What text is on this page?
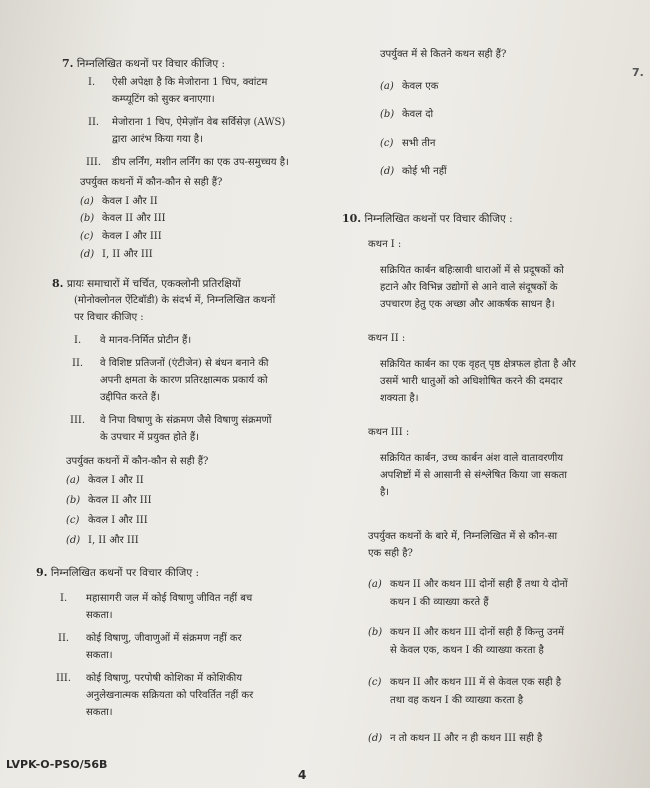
7. निम्नलिखित कथनों पर विचार कीजिए :
I. ऐसी अपेक्षा है कि मेजोराना 1 चिप, क्वांटम
कम्प्यूटिंग को सुकर बनाएगा।
II. मेजोराना 1 चिप, ऐमेज़ॉन वेब सर्विसेज़ (AWS)
द्वारा आरंभ किया गया है।
III. डीप लर्निंग, मशीन लर्निंग का एक उप-समुच्चय है।
उपर्युक्त कथनों में कौन-कौन से सही हैं?
(a) केवल I और II
(b) केवल II और III
(c) केवल I और III
(d) I, II और III
8. प्रायः समाचारों में चर्चित, एकक्लोनी प्रतिरक्षियों
(मोनोक्लोनल ऐंटिबॉडी) के संदर्भ में, निम्नलिखित कथनों
पर विचार कीजिए :
I. वे मानव-निर्मित प्रोटीन हैं।
II. वे विशिष्ट प्रतिजनों (एंटीजेन) से बंधन बनाने की
अपनी क्षमता के कारण प्रतिरक्षात्मक प्रकार्य को
उद्दीपित करते हैं।
III. वे निपा विषाणु के संक्रमण जैसे विषाणु संक्रमणों
के उपचार में प्रयुक्त होते हैं।
उपर्युक्त कथनों में कौन-कौन से सही हैं?
(a) केवल I और II
(b) केवल II और III
(c) केवल I और III
(d) I, II और III
9. निम्नलिखित कथनों पर विचार कीजिए :
I. महासागरी जल में कोई विषाणु जीवित नहीं बच
सकता।
II. कोई विषाणु, जीवाणुओं में संक्रमण नहीं कर
सकता।
III. कोई विषाणु, परपोषी कोशिका में कोशिकीय
अनुलेखनात्मक सक्रियता को परिवर्तित नहीं कर
सकता।
उपर्युक्त में से कितने कथन सही हैं?
(a) केवल एक
(b) केवल दो
(c) सभी तीन
(d) कोई भी नहीं
10. निम्नलिखित कथनों पर विचार कीजिए :
कथन I :
सक्रियित कार्बन बहिःस्रावी धाराओं में से प्रदूषकों को
हटाने और विभिन्न उद्योगों से आने वाले संदूषकों के
उपचारण हेतु एक अच्छा और आकर्षक साधन है।
कथन II :
सक्रियित कार्बन का एक वृहत् पृष्ठ क्षेत्रफल होता है और
उसमें भारी धातुओं को अधिशोषित करने की दमदार
शक्यता है।
कथन III :
सक्रियित कार्बन, उच्च कार्बन अंश वाले वातावरणीय
अपशिष्टों में से आसानी से संश्लेषित किया जा सकता
है।
उपर्युक्त कथनों के बारे में, निम्नलिखित में से कौन-सा
एक सही है?
(a) कथन II और कथन III दोनों सही हैं तथा ये दोनों
कथन I की व्याख्या करते हैं
(b) कथन II और कथन III दोनों सही हैं किन्तु उनमें
से केवल एक, कथन I की व्याख्या करता है
(c) कथन II और कथन III में से केवल एक सही है
तथा वह कथन I की व्याख्या करता है
(d) न तो कथन II और न ही कथन III सही है
LVPK-O-PSO/56B
4
7.
